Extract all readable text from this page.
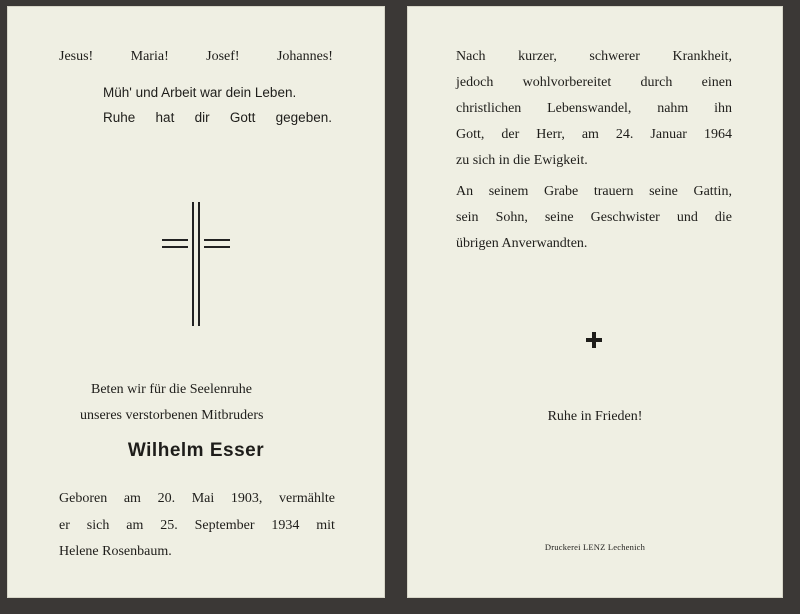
Jesus!	Maria!	Josef!	Johannes!
Müh' und Arbeit war dein Leben.
Ruhe hat dir Gott gegeben.
Beten wir für die Seelenruhe
unseres verstorbenen Mitbruders
Wilhelm Esser
Geboren am 20. Mai 1903, vermählte
er sich am 25. September 1934 mit
Helene Rosenbaum.
Nach kurzer, schwerer Krankheit,
jedoch wohlvorbereitet durch einen
christlichen Lebenswandel, nahm ihn
Gott, der Herr, am 24. Januar 1964
zu sich in die Ewigkeit.
An seinem Grabe trauern seine Gattin,
sein Sohn, seine Geschwister und die
übrigen Anverwandten.
Ruhe in Frieden!
Druckerei LENZ Lechenich
